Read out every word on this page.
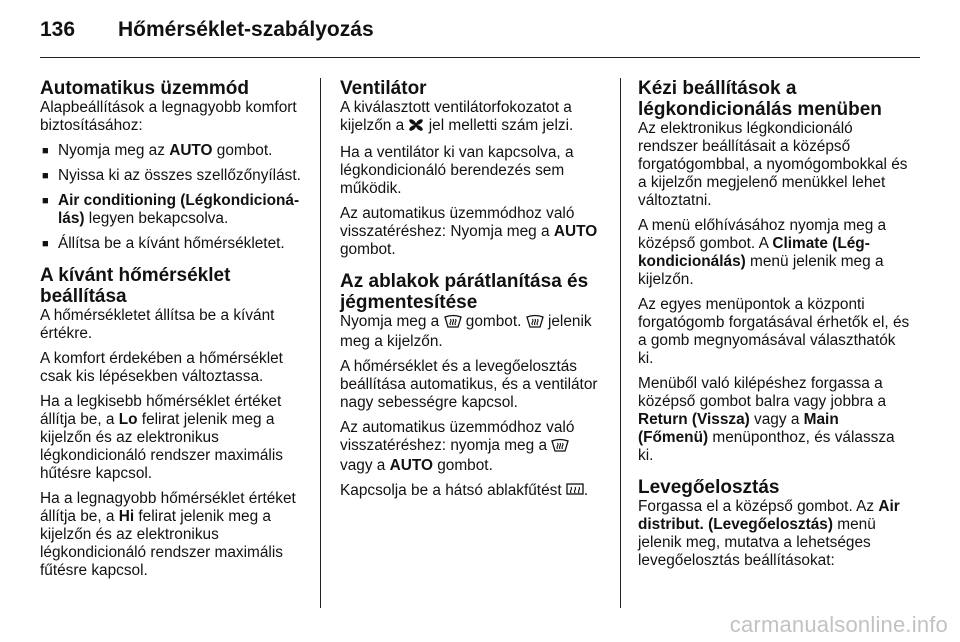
136	Hőmérséklet-szabályozás
Automatikus üzemmód

Alapbeállítások a legnagyobb komfort biztosításához:

■ Nyomja meg az AUTO gombot.
■ Nyissa ki az összes szellőzőnyílást.
■ Air conditioning (Légkondicioná-lás) legyen bekapcsolva.
■ Állítsa be a kívánt hőmérsékletet.
A kívánt hőmérséklet beállítása

A hőmérsékletet állítsa be a kívánt értékre.

A komfort érdekében a hőmérséklet csak kis lépésekben változtassa.

Ha a legkisebb hőmérséklet értéket állítja be, a Lo felirat jelenik meg a kijelzőn és az elektronikus légkondicionáló rendszer maximális hűtésre kapcsol.

Ha a legnagyobb hőmérséklet értéket állítja be, a Hi felirat jelenik meg a kijelzőn és az elektronikus légkondicionáló rendszer maximális fűtésre kapcsol.

Ventilátor

A kiválasztott ventilátorfokozatot a kijelzőn a  jel melletti szám jelzi.

Ha a ventilátor ki van kapcsolva, a légkondicionáló berendezés sem működik.

Az automatikus üzemmódhoz való visszatéréshez: Nyomja meg a AUTO gombot.

Az ablakok párátlanítása és jégmentesítése

Nyomja meg a  gombot.  jelenik meg a kijelzőn.

A hőmérséklet és a levegőelosztás beállítása automatikus, és a ventilátor nagy sebességre kapcsol.

Az automatikus üzemmódhoz való visszatéréshez: nyomja meg a  vagy a AUTO gombot.

Kapcsolja be a hátsó ablakfűtést .

Kézi beállítások a légkondicionálás menüben

Az elektronikus légkondicionáló rendszer beállításait a középső forgatógombbal, a nyomógombokkal és a kijelzőn megjelenő menükkel lehet változtatni.

A menü előhívásához nyomja meg a középső gombot. A Climate (Lég-kondicionálás) menü jelenik meg a kijelzőn.

Az egyes menüpontok a központi forgatógomb forgatásával érhetők el, és a gomb megnyomásával választhatók ki.

Menüből való kilépéshez forgassa a középső gombot balra vagy jobbra a Return (Vissza) vagy a Main (Főmenü) menüponthoz, és válassza ki.

Levegőelosztás

Forgassa el a középső gombot. Az Air distribut. (Levegőelosztás) menü jelenik meg, mutatva a lehetséges levegőelosztás beállításokat:

carmanualsonline.info
